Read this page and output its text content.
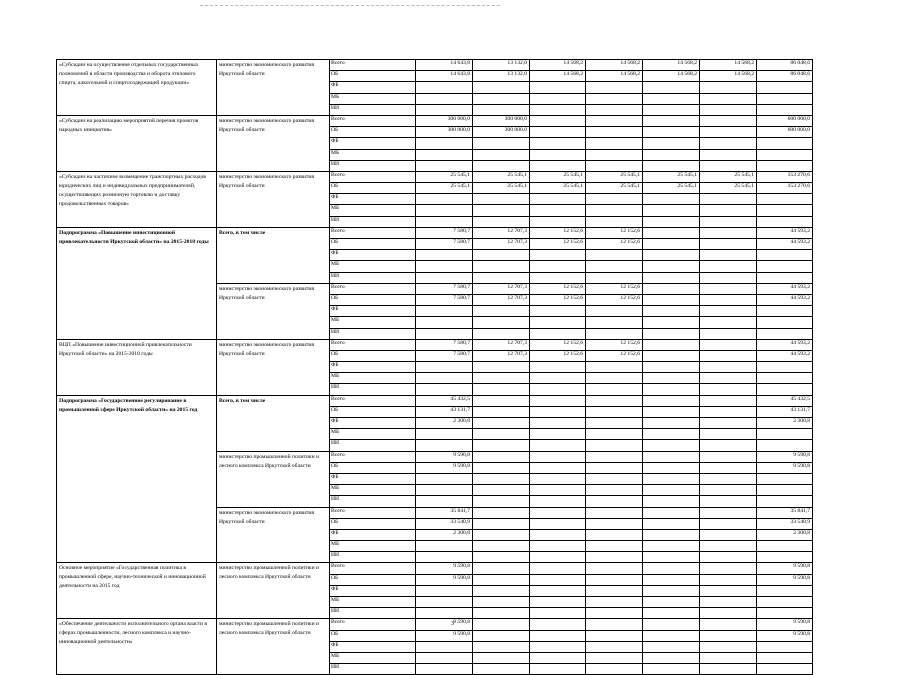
«Субсидии на осуществление отдельных государственных полномочий в области производства и оборота этилового спирта, алкогольной и спиртосодержащей продукции»	министерство экономического развития Иркутской области	Всего	14 643,8	13 132,0	14 568,2	14 568,2	14 568,2	14 568,2	86 048,6
		ОБ	14 643,8	13 132,0	14 568,2	14 568,2	14 568,2	14 568,2	86 048,6
		ФБ							
		МБ							
		ИИ							
«Субсидии на реализацию мероприятий перечня проектов народных инициатив»	министерство экономического развития Иркутской области	Всего	300 000,0	300 000,0					600 000,0
		ОБ	300 000,0	300 000,0					600 000,0
		ФБ							
		МБ							
		ИИ							
«Субсидии на частичное возмещение транспортных расходов юридических лиц и индивидуальных предпринимателей, осуществляющих розничную торговлю и доставку продовольственных товаров»	министерство экономического развития Иркутской области	Всего	25 545,1	25 545,1	25 545,1	25 545,1	25 545,1	25 545,1	153 270,6
		ОБ	25 545,1	25 545,1	25 545,1	25 545,1	25 545,1	25 545,1	153 270,6
		ФБ							
		МБ							
		ИИ							
Подпрограмма «Повышение инвестиционной привлекательности Иркутской области» на 2015-2018 годы	Всего, в том числе	Всего	7 580,7	12 707,3	12 152,6	12 152,6			44 593,2
		ОБ	7 580,7	12 707,3	12 152,6	12 152,6			44 593,2
		ФБ							
		МБ							
		ИИ							
	министерство экономического развития Иркутской области	Всего	7 580,7	12 707,3	12 152,6	12 152,6			44 593,2
		ОБ	7 580,7	12 707,3	12 152,6	12 152,6			44 593,2
		ФБ							
		МБ							
		ИИ							
ВЦП «Повышение инвестиционной привлекательности Иркутской области» на 2015-2018 годы	министерство экономического развития Иркутской области	Всего	7 580,7	12 707,3	12 152,6	12 152,6			44 593,2
		ОБ	7 580,7	12 707,3	12 152,6	12 152,6			44 593,2
		ФБ							
		МБ							
		ИИ							
Подпрограмма «Государственное регулирование в промышленной сфере Иркутской области» на 2015 год	Всего, в том числе	Всего	45 432,5						45 432,5
		ОБ	43 131,7						43 131,7
		ФБ	2 300,8						2 300,8
		МБ							
		ИИ							
	министерство промышленной политики и лесного комплекса Иркутской области	Всего	9 590,8						9 590,8
		ОБ	9 590,8						9 590,8
		ФБ							
		МБ							
		ИИ							
	министерство экономического развития Иркутской области	Всего	35 841,7						35 841,7
		ОБ	33 540,9						33 540,9
		ФБ	2 300,8						2 300,8
		МБ							
		ИИ							
Основное мероприятие «Государственная политика в промышленной сфере, научно-технической и инновационной деятельности на 2015 год	министерство промышленной политики и лесного комплекса Иркутской области	Всего	9 590,8						9 590,8
		ОБ	9 590,8						9 590,8
		ФБ							
		МБ							
		ИИ							
«Обеспечение деятельности исполнительного органа власти в сферах промышленности, лесного комплекса и научно-инновационной деятельности»	министерство промышленной политики и лесного комплекса Иркутской области	Всего	9 590,8						9 590,8
		ОБ	9 590,8						9 590,8
		ФБ							
		МБ							
		ИИ							
3
